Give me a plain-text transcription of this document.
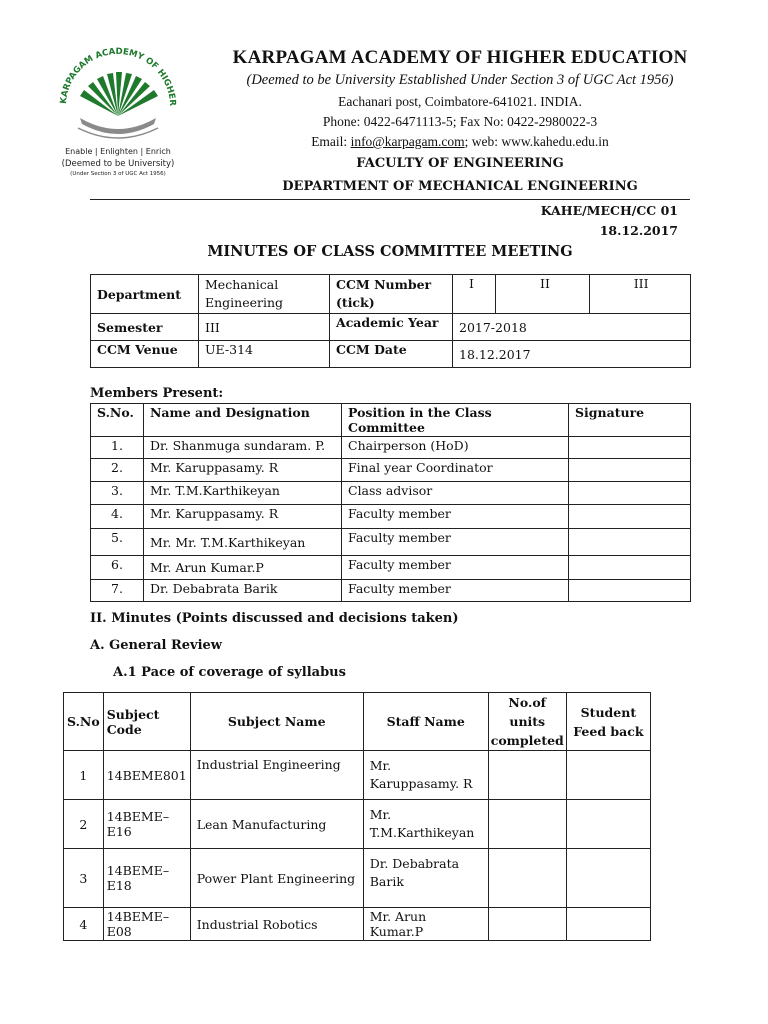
KARPAGAM ACADEMY OF HIGHER
Enable | Enlighten | Enrich
(Deemed to be University)
(Under Section 3 of UGC Act 1956)
KARPAGAM ACADEMY OF HIGHER EDUCATION
(Deemed to be University Established Under Section 3 of UGC Act 1956)
Eachanari post, Coimbatore-641021. INDIA.
Phone: 0422-6471113-5; Fax No: 0422-2980022-3
Email: info@karpagam.com; web: www.kahedu.edu.in
FACULTY OF ENGINEERING
DEPARTMENT OF MECHANICAL ENGINEERING
KAHE/MECH/CC 01
18.12.2017
MINUTES OF CLASS COMMITTEE MEETING
Department	Mechanical Engineering	CCM Number (tick)	I	II	III
Semester	III	Academic Year	2017-2018		
CCM Venue	UE-314	CCM Date	18.12.2017		
Members Present:
S.No.	Name and Designation	Position in the Class Committee	Signature
1.	Dr. Shanmuga sundaram. P.	Chairperson (HoD)	
2.	Mr. Karuppasamy. R	Final year Coordinator	
3.	Mr. T.M.Karthikeyan	Class advisor	
4.	Mr. Karuppasamy. R	Faculty member	
5.	Mr. Mr. T.M.Karthikeyan	Faculty member	
6.	Mr. Arun Kumar.P	Faculty member	
7.	Dr. Debabrata Barik	Faculty member	
II. Minutes (Points discussed and decisions taken)
A. General Review
A.1 Pace of coverage of syllabus
S.No	Subject Code	Subject Name	Staff Name	No.of units completed	Student Feed back
1	14BEME801	Industrial Engineering	Mr. Karuppasamy. R		
2	14BEME–E16	Lean Manufacturing	Mr. T.M.Karthikeyan		
3	14BEME–E18	Power Plant Engineering	Dr. Debabrata Barik		
4	14BEME–E08	Industrial Robotics	Mr. Arun Kumar.P		
